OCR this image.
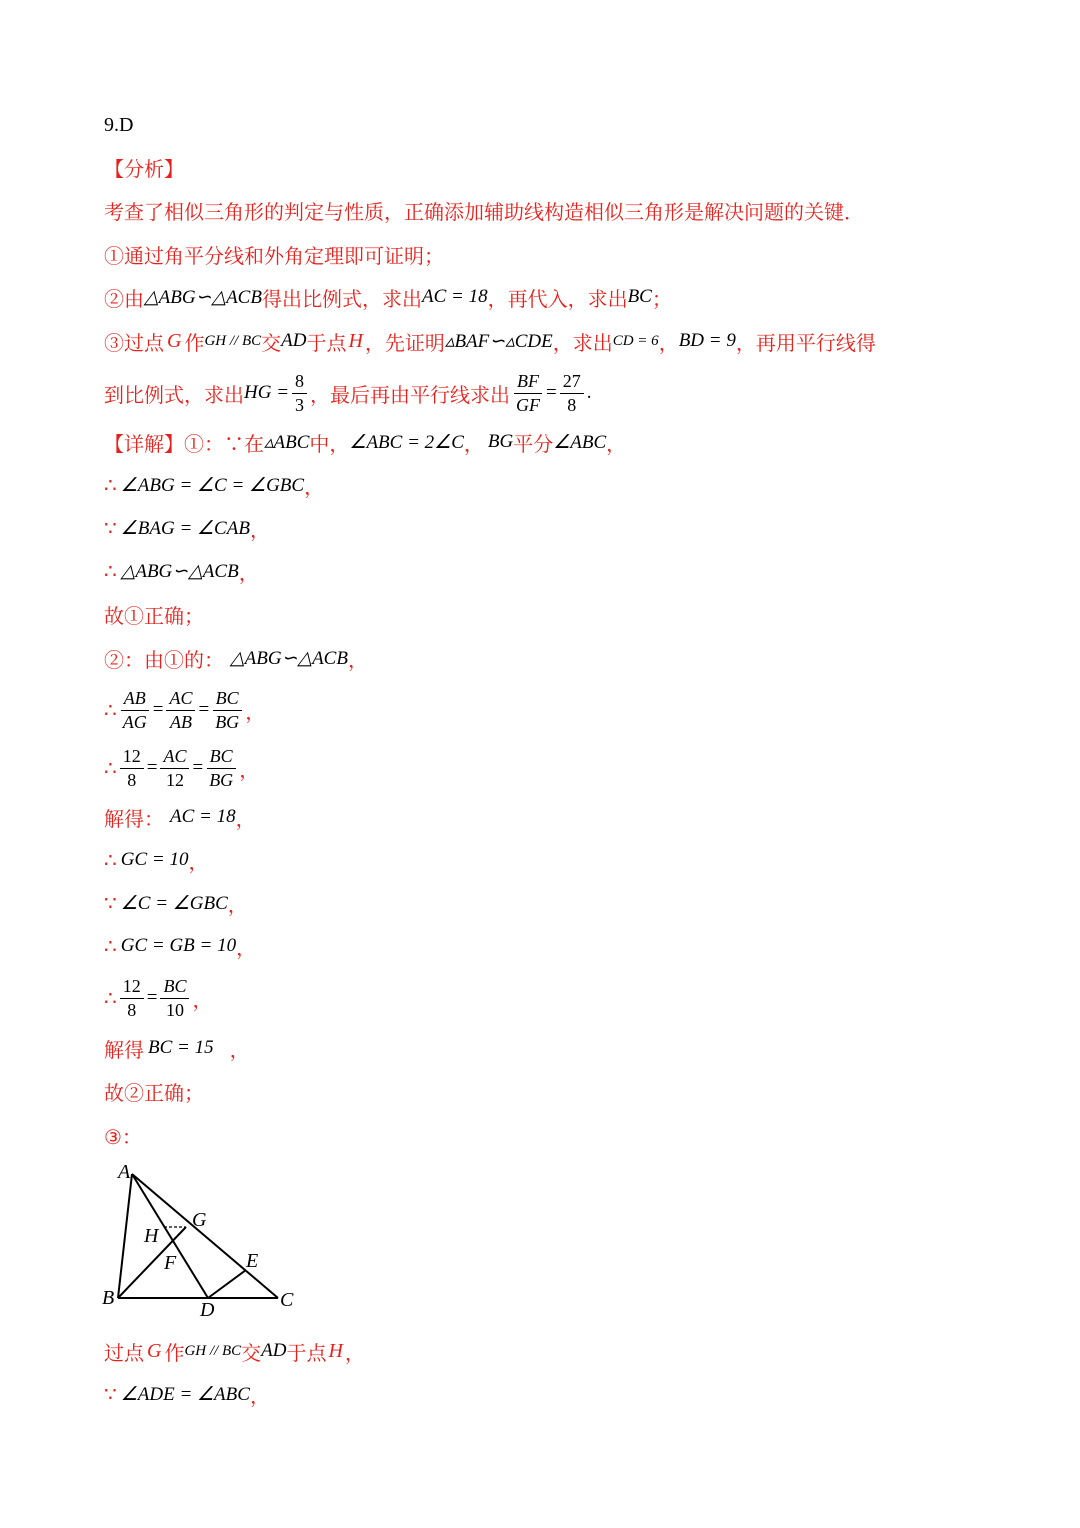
9.D
【分析】
考查了相似三角形的判定与性质，正确添加辅助线构造相似三角形是解决问题的关键．
①通过角平分线和外角定理即可证明；
②由 △ABG∽△ACB 得出比例式，求出 AC = 18 ，再代入，求出 BC ；
③过点 G 作 GH // BC 交 AD 于点 H ，先证明 ▵BAF∽▵CDE ，求出 CD = 6 ， BD = 9 ，再用平行线得
到比例式，求出 HG = $\frac{8}{3}$ ，最后再由平行线求出 $\frac{BF}{GF} = \frac{27}{8}$ .
【详解】①：∵在 ▵ABC 中， ∠ABC = 2∠C ， BG 平分 ∠ABC ，
∴ ∠ABG = ∠C = ∠GBC ，
∵ ∠BAG = ∠CAB ，
∴ △ABG∽△ACB ，
故①正确；
②：由①的： △ABG∽△ACB ，
∴ $\frac{AB}{AG} = \frac{AC}{AB} = \frac{BC}{BG}$ ，
∴ $\frac{12}{8} = \frac{AC}{12} = \frac{BC}{BG}$ ，
解得： AC = 18 ，
∴ GC = 10 ，
∵ ∠C = ∠GBC ，
∴ GC = GB = 10 ，
∴ $\frac{12}{8} = \frac{BC}{10}$ ，
解得 BC = 15 ，
故②正确；
③：
A
G
H
F	E
B
D	C
过点 G 作 GH // BC 交 AD 于点 H ，
∵ ∠ADE = ∠ABC ，
